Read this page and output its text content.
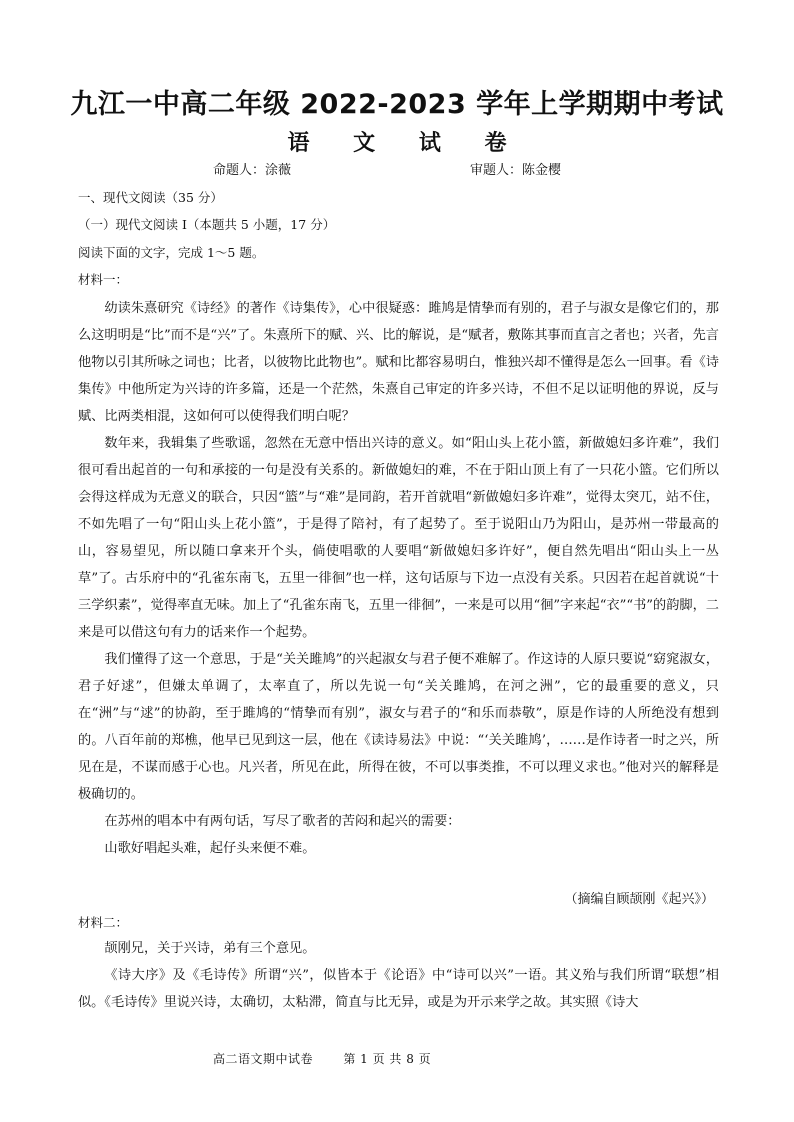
九江一中高二年级 2022-2023 学年上学期期中考试
语 文 试 卷
命题人：涂薇	审题人：陈金樱
一、现代文阅读（35 分）
（一）现代文阅读 I（本题共 5 小题，17 分）
阅读下面的文字，完成 1～5 题。
材料一：

幼读朱熹研究《诗经》的著作《诗集传》，心中很疑惑：雎鸠是情挚而有别的，君子与淑女是像它们的，那么这明明是“比”而不是“兴”了。朱熹所下的赋、兴、比的解说，是“赋者，敷陈其事而直言之者也；兴者，先言他物以引其所咏之词也；比者，以彼物比此物也”。赋和比都容易明白，惟独兴却不懂得是怎么一回事。看《诗集传》中他所定为兴诗的许多篇，还是一个茫然，朱熹自己审定的许多兴诗，不但不足以证明他的界说，反与赋、比两类相混，这如何可以使得我们明白呢？

数年来，我辑集了些歌谣，忽然在无意中悟出兴诗的意义。如“阳山头上花小篮，新做媳妇多许难”，我们很可看出起首的一句和承接的一句是没有关系的。新做媳妇的难，不在于阳山顶上有了一只花小篮。它们所以会得这样成为无意义的联合，只因“篮”与“难”是同韵，若开首就唱“新做媳妇多许难”，觉得太突兀，站不住，不如先唱了一句“阳山头上花小篮”，于是得了陪衬，有了起势了。至于说阳山乃为阳山，是苏州一带最高的山，容易望见，所以随口拿来开个头，倘使唱歌的人要唱“新做媳妇多许好”，便自然先唱出“阳山头上一丛草”了。古乐府中的“孔雀东南飞，五里一徘徊”也一样，这句话原与下边一点没有关系。只因若在起首就说“十三学织素”，觉得率直无味。加上了“孔雀东南飞，五里一徘徊”，一来是可以用“徊”字来起“衣”“书”的韵脚，二来是可以借这句有力的话来作一个起势。

我们懂得了这一个意思，于是“关关雎鸠”的兴起淑女与君子便不难解了。作这诗的人原只要说“窈窕淑女，君子好逑”，但嫌太单调了，太率直了，所以先说一句“关关雎鸠，在河之洲”，它的最重要的意义，只在“洲”与“逑”的协韵，至于雎鸠的“情挚而有别”，淑女与君子的“和乐而恭敬”，原是作诗的人所绝没有想到的。八百年前的郑樵，他早已见到这一层，他在《读诗易法》中说：“‘关关雎鸠’，……是作诗者一时之兴，所见在是，不谋而感于心也。凡兴者，所见在此，所得在彼，不可以事类推，不可以理义求也。”他对兴的解释是极确切的。

在苏州的唱本中有两句话，写尽了歌者的苦闷和起兴的需要：

山歌好唱起头难，起仔头来便不难。

（摘编自顾颉刚《起兴》）
材料二：

颉刚兄，关于兴诗，弟有三个意见。

《诗大序》及《毛诗传》所谓“兴”，似皆本于《论语》中“诗可以兴”一语。其义殆与我们所谓“联想”相似。《毛诗传》里说兴诗，太确切，太粘滞，简直与比无异，或是为开示来学之故。其实照《诗大

高二语文期中试卷	第 1 页 共 8 页
